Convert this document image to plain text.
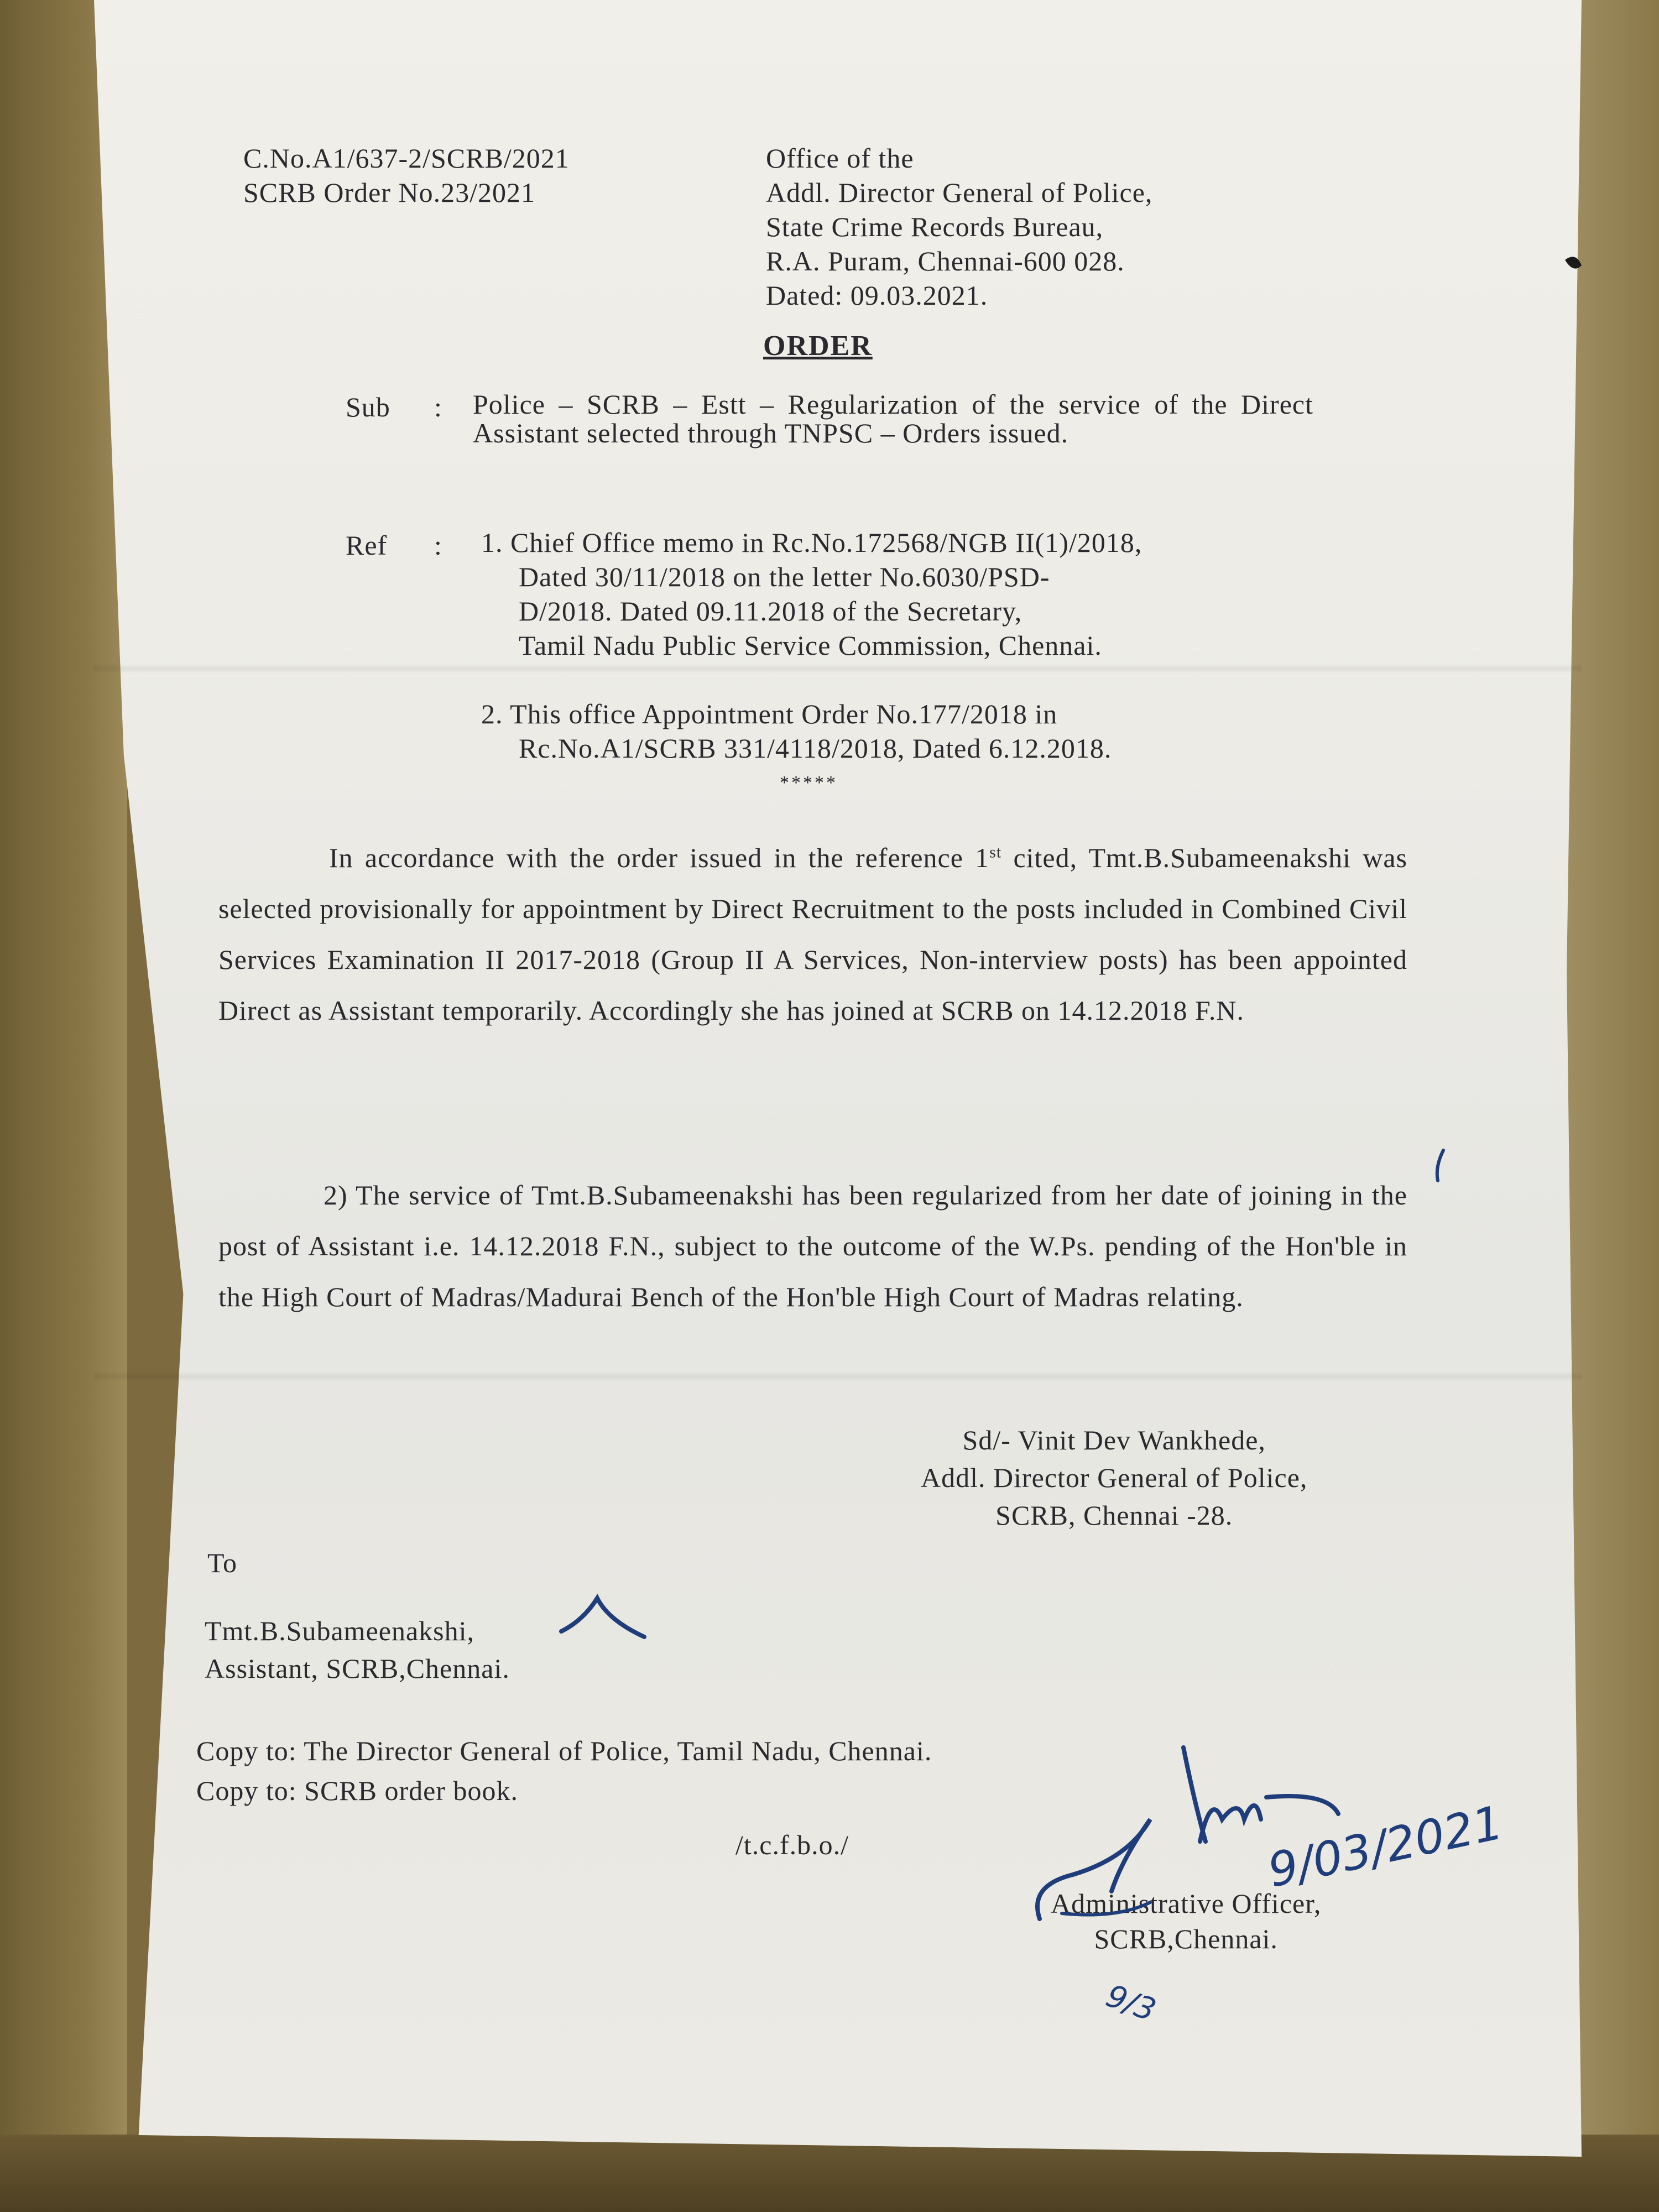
C.No.A1/637-2/SCRB/2021
SCRB Order No.23/2021
Office of the
Addl. Director General of Police,
State Crime Records Bureau,
R.A. Puram, Chennai-600 028.
Dated: 09.03.2021.
ORDER
Sub : Police – SCRB – Estt – Regularization of the service of the Direct Assistant selected through TNPSC – Orders issued.
Ref : 1. Chief Office memo in Rc.No.172568/NGB II(1)/2018,
Dated 30/11/2018 on the letter No.6030/PSD-
D/2018. Dated 09.11.2018 of the Secretary,
Tamil Nadu Public Service Commission, Chennai.
2. This office Appointment Order No.177/2018 in
Rc.No.A1/SCRB 331/4118/2018, Dated 6.12.2018.
*****
In accordance with the order issued in the reference 1st cited, Tmt.B.Subameenakshi was selected provisionally for appointment by Direct Recruitment to the posts included in Combined Civil Services Examination II 2017-2018 (Group II A Services, Non-interview posts) has been appointed Direct as Assistant temporarily. Accordingly she has joined at SCRB on 14.12.2018 F.N.
2) The service of Tmt.B.Subameenakshi has been regularized from her date of joining in the post of Assistant i.e. 14.12.2018 F.N., subject to the outcome of the W.Ps. pending of the Hon'ble in the High Court of Madras/Madurai Bench of the Hon'ble High Court of Madras relating.
Sd/- Vinit Dev Wankhede,
Addl. Director General of Police,
SCRB, Chennai -28.
To
Tmt.B.Subameenakshi,
Assistant, SCRB,Chennai.
Copy to: The Director General of Police, Tamil Nadu, Chennai.
Copy to: SCRB order book.
/t.c.f.b.o./
Administrative Officer,
SCRB,Chennai.
9/03/2021
9/3
